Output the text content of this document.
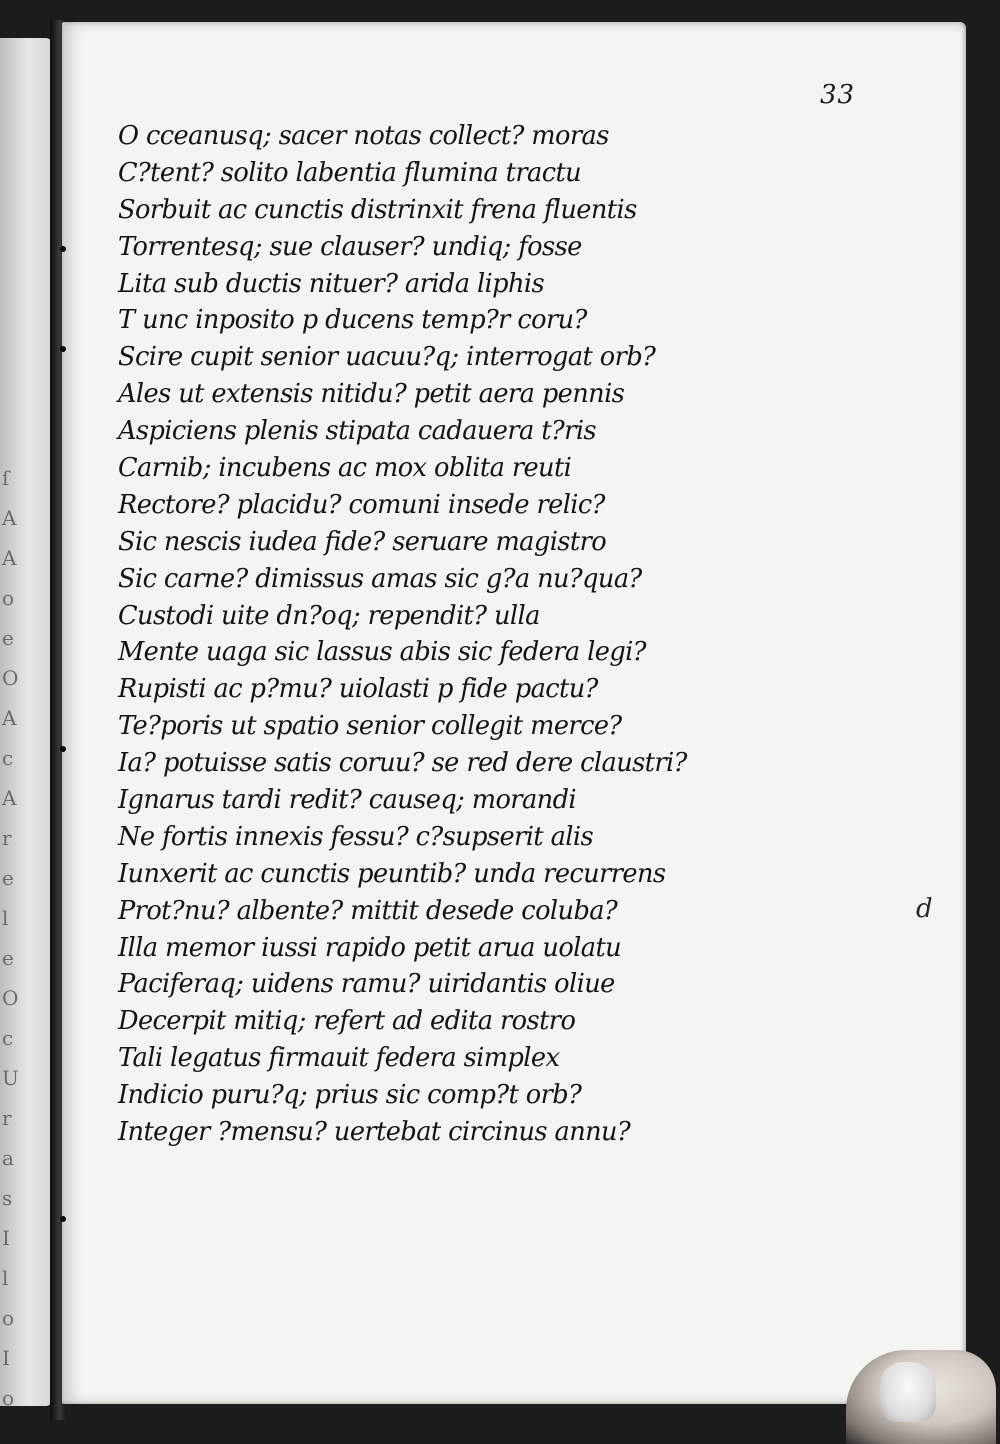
ſ
A
A
o
e
O
A
c
A
r
e
l
e
O
c
U
r
a
s
I
l
o
I
o
33
O cceanusq; sacer notas collect? moras
C?tent? solito labentia flumina tractu
Sorbuit ac cunctis distrinxit frena fluentis
Torrentesq; sue clauser? undiq; fosse
Lita sub ductis nituer? arida liphis
T unc inposito p ducens temp?r coru?
Scire cupit senior uacuu?q; interrogat orb?
Ales ut extensis nitidu? petit aera pennis
Aspiciens plenis stipata cadauera t?ris
Carnib; incubens ac mox oblita reuti
Rectore? placidu? comuni insede relic?
Sic nescis iudea fide? seruare magistro
Sic carne? dimissus amas sic g?a nu?qua?
Custodi uite dn?oq; rependit? ulla
Mente uaga sic lassus abis sic federa legi?
Rupisti ac p?mu? uiolasti p fide pactu?
Te?poris ut spatio senior collegit merce?
Ia? potuisse satis coruu? se red dere claustri?
Ignarus tardi redit? causeq; morandi
Ne fortis innexis fessu? c?supserit alis
Iunxerit ac cunctis peuntib? unda recurrens
Prot?nu? albente? mittit desede coluba?
Illa memor iussi rapido petit arua uolatu
Paciferaq; uidens ramu? uiridantis oliue
Decerpit mitiq; refert ad edita rostro
Tali legatus firmauit federa simplex
Indicio puru?q; prius sic comp?t orb?
Integer ?mensu? uertebat circinus annu?
d
